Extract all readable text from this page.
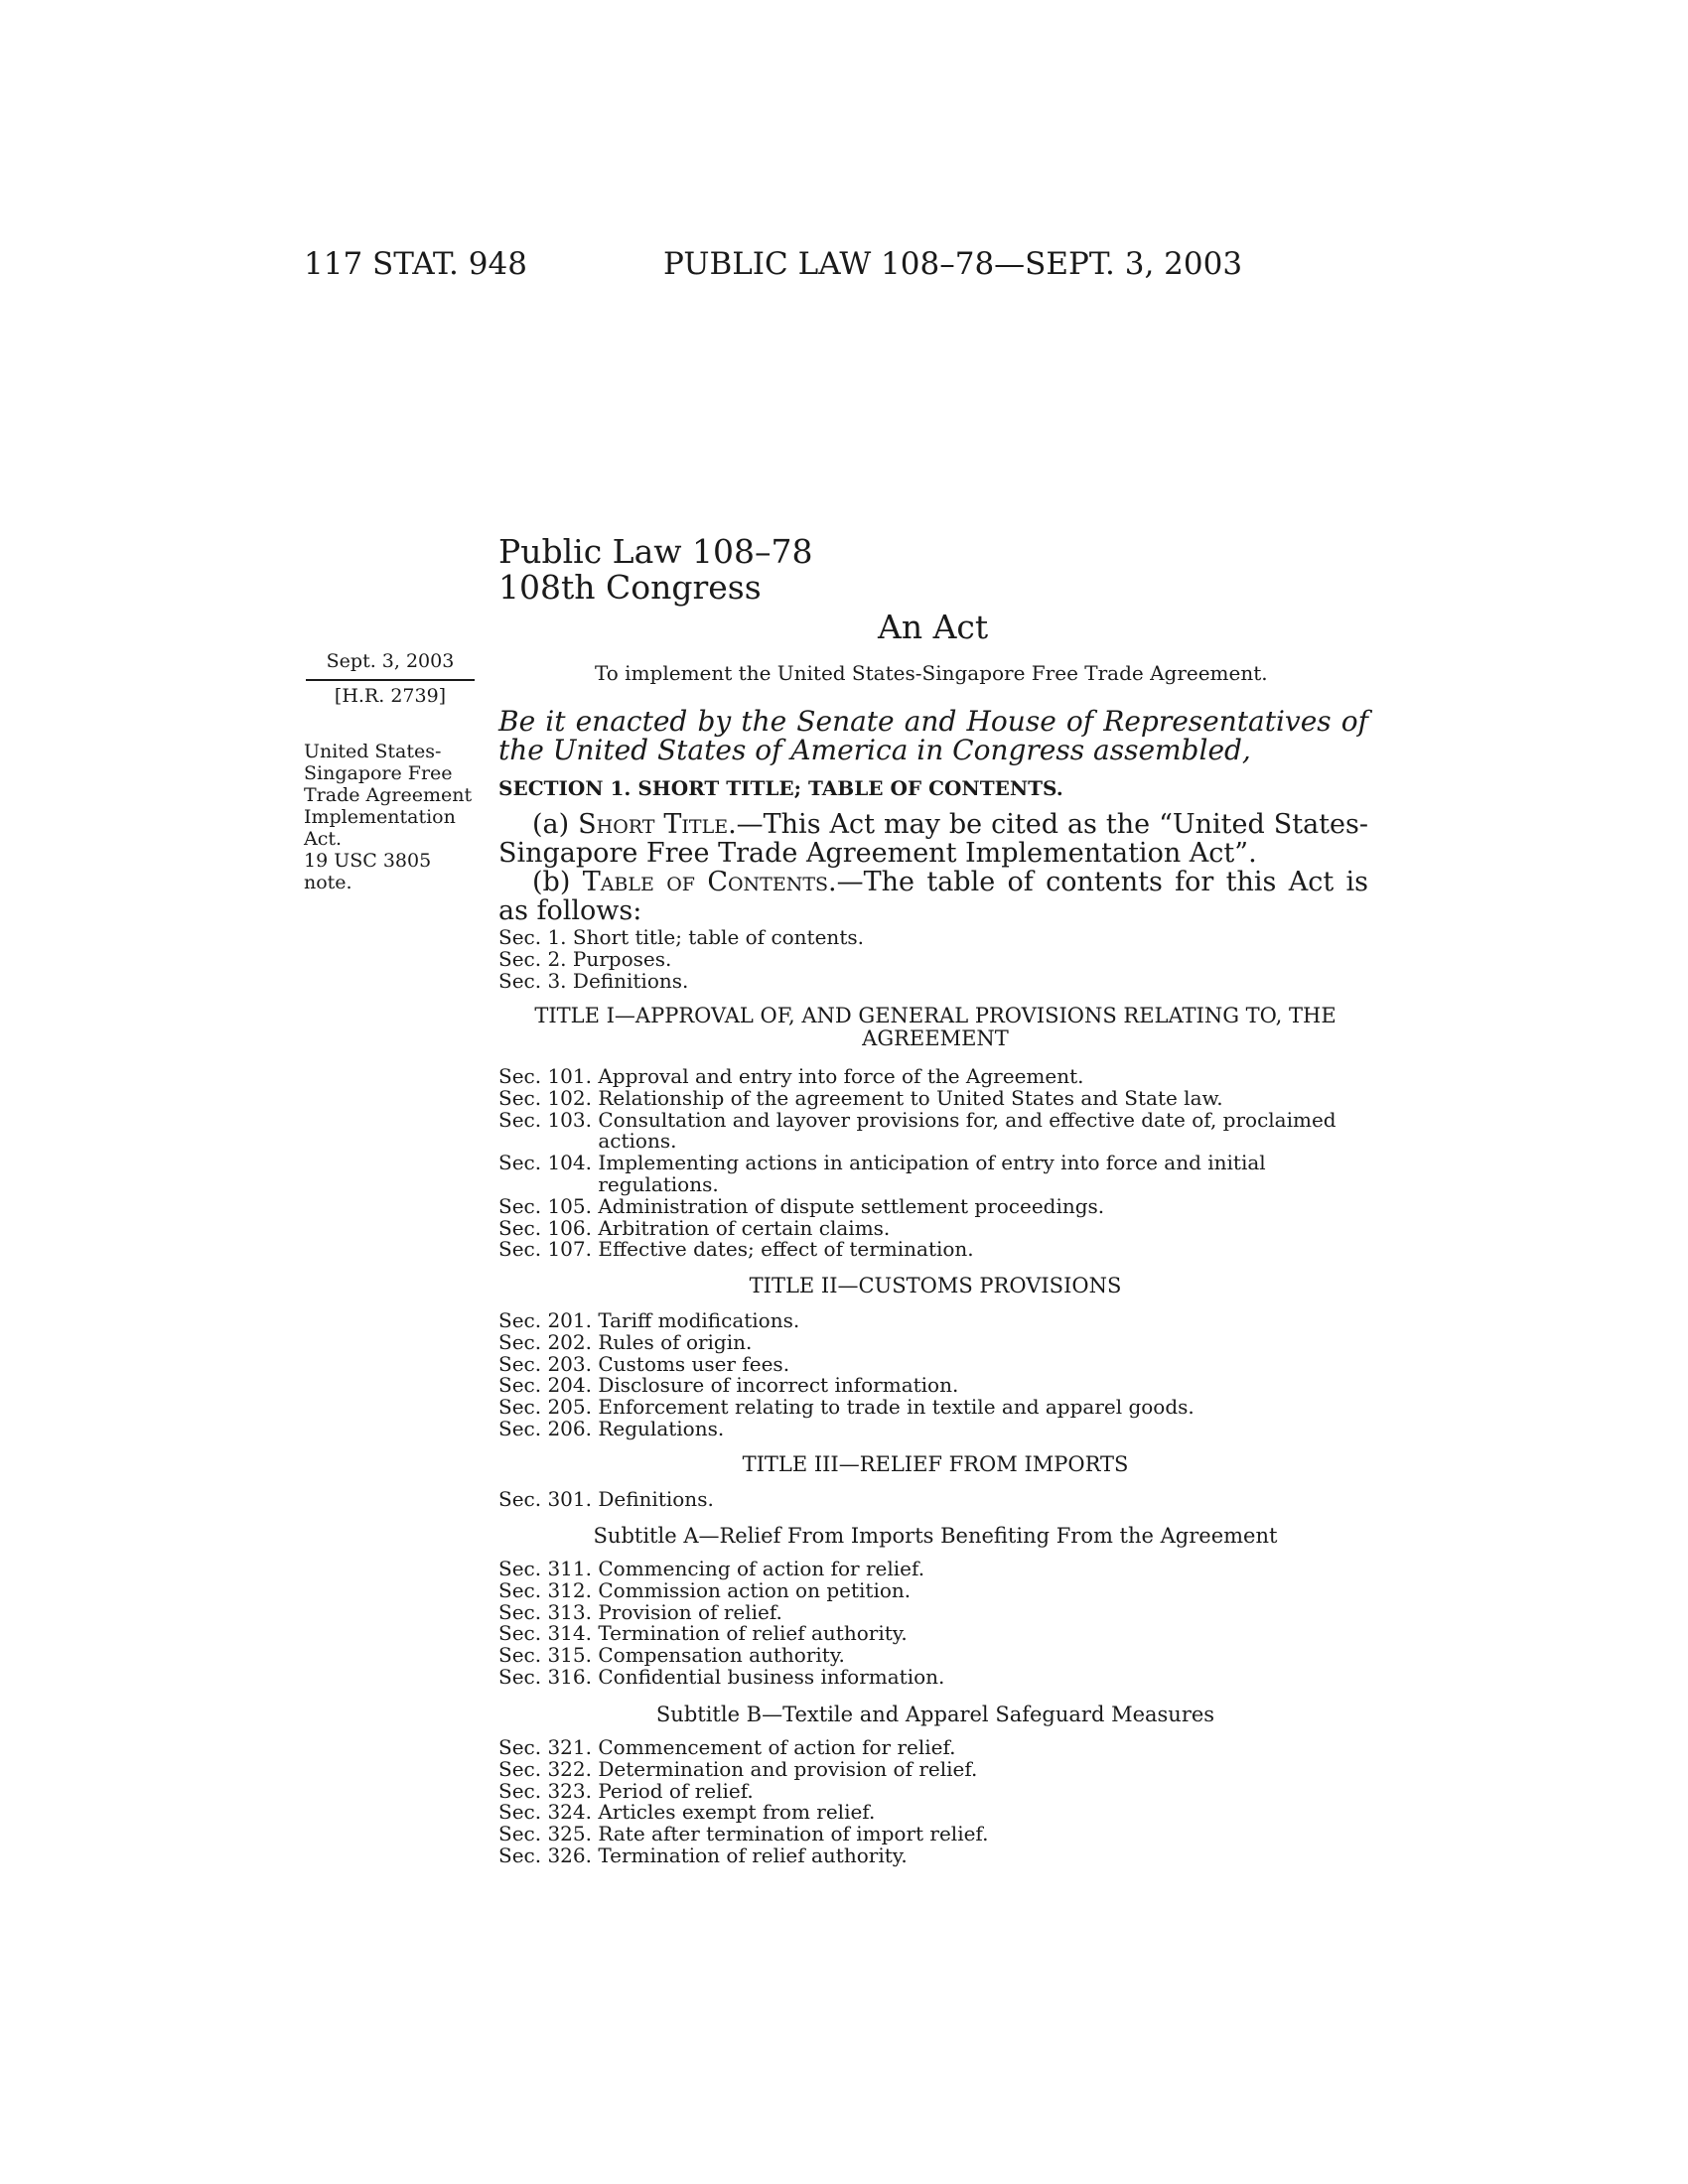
117 STAT. 948	PUBLIC LAW 108–78—SEPT. 3, 2003
Public Law 108–78
108th Congress
An Act
Sept. 3, 2003
[H.R. 2739]
United States-
Singapore Free
Trade Agreement
Implementation
Act.
19 USC 3805
note.
To implement the United States-Singapore Free Trade Agreement.
Be it enacted by the Senate and House of Representatives of the United States of America in Congress assembled,
SECTION 1. SHORT TITLE; TABLE OF CONTENTS.
(a) Short Title.—This Act may be cited as the “United States-Singapore Free Trade Agreement Implementation Act”.
(b) Table of Contents.—The table of contents for this Act is as follows:
Sec. 1. Short title; table of contents.
Sec. 2. Purposes.
Sec. 3. Definitions.
TITLE I—APPROVAL OF, AND GENERAL PROVISIONS RELATING TO, THE AGREEMENT
Sec. 101. Approval and entry into force of the Agreement.
Sec. 102. Relationship of the agreement to United States and State law.
Sec. 103. Consultation and layover provisions for, and effective date of, proclaimed actions.
Sec. 104. Implementing actions in anticipation of entry into force and initial regulations.
Sec. 105. Administration of dispute settlement proceedings.
Sec. 106. Arbitration of certain claims.
Sec. 107. Effective dates; effect of termination.
TITLE II—CUSTOMS PROVISIONS
Sec. 201. Tariff modifications.
Sec. 202. Rules of origin.
Sec. 203. Customs user fees.
Sec. 204. Disclosure of incorrect information.
Sec. 205. Enforcement relating to trade in textile and apparel goods.
Sec. 206. Regulations.
TITLE III—RELIEF FROM IMPORTS
Sec. 301. Definitions.
Subtitle A—Relief From Imports Benefiting From the Agreement
Sec. 311. Commencing of action for relief.
Sec. 312. Commission action on petition.
Sec. 313. Provision of relief.
Sec. 314. Termination of relief authority.
Sec. 315. Compensation authority.
Sec. 316. Confidential business information.
Subtitle B—Textile and Apparel Safeguard Measures
Sec. 321. Commencement of action for relief.
Sec. 322. Determination and provision of relief.
Sec. 323. Period of relief.
Sec. 324. Articles exempt from relief.
Sec. 325. Rate after termination of import relief.
Sec. 326. Termination of relief authority.
